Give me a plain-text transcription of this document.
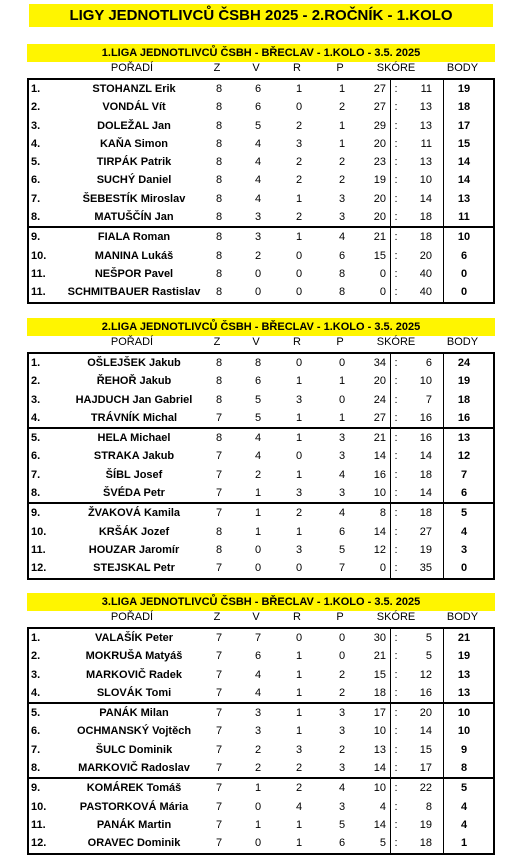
LIGY JEDNOTLIVCŮ ČSBH 2025 - 2.ROČNÍK - 1.KOLO
1.LIGA JEDNOTLIVCŮ ČSBH - BŘECLAV - 1.KOLO - 3.5. 2025
POŘADÍ	Z	V	R	P	SKÓRE	BODY
1.	STOHANZL Erik	8	6	1	1	27	11	19
:
2.	VONDÁL Vít	8	6	0	2	27	13	18
:
3.	DOLEŽAL Jan	8	5	2	1	29	13	17
:
4.	KAŇA Simon	8	4	3	1	20	11	15
:
5.	TIRPÁK Patrik	8	4	2	2	23	13	14
:
6.	SUCHÝ Daniel	8	4	2	2	19	10	14
:
7.	ŠEBESTÍK Miroslav	8	4	1	3	20	14	13
:
8.	MATUŠČÍN Jan	8	3	2	3	20	18	11
:
9.	FIALA Roman	8	3	1	4	21	18	10
:
10.	MANINA Lukáš	8	2	0	6	15	20	6
:
11.	NEŠPOR Pavel	8	0	0	8	0	40	0
:
11.	SCHMITBAUER Rastislav	8	0	0	8	0	40	0
:
2.LIGA JEDNOTLIVCŮ ČSBH - BŘECLAV - 1.KOLO - 3.5. 2025
POŘADÍ	Z	V	R	P	SKÓRE	BODY
1.	OŠLEJŠEK Jakub	8	8	0	0	34	6	24
:
2.	ŘEHOŘ Jakub	8	6	1	1	20	10	19
:
3.	HAJDUCH Jan Gabriel	8	5	3	0	24	7	18
:
4.	TRÁVNÍK Michal	7	5	1	1	27	16	16
:
5.	HELA Michael	8	4	1	3	21	16	13
:
6.	STRAKA Jakub	7	4	0	3	14	14	12
:
7.	ŠÍBL Josef	7	2	1	4	16	18	7
:
8.	ŠVÉDA Petr	7	1	3	3	10	14	6
:
9.	ŽVAKOVÁ Kamila	7	1	2	4	8	18	5
:
10.	KRŠÁK Jozef	8	1	1	6	14	27	4
:
11.	HOUZAR Jaromír	8	0	3	5	12	19	3
:
12.	STEJSKAL Petr	7	0	0	7	0	35	0
:
3.LIGA JEDNOTLIVCŮ ČSBH - BŘECLAV - 1.KOLO - 3.5. 2025
POŘADÍ	Z	V	R	P	SKÓRE	BODY
1.	VALAŠÍK Peter	7	7	0	0	30	5	21
:
2.	MOKRUŠA Matyáš	7	6	1	0	21	5	19
:
3.	MARKOVIČ Radek	7	4	1	2	15	12	13
:
4.	SLOVÁK Tomi	7	4	1	2	18	16	13
:
5.	PANÁK Milan	7	3	1	3	17	20	10
:
6.	OCHMANSKÝ Vojtěch	7	3	1	3	10	14	10
:
7.	ŠULC Dominik	7	2	3	2	13	15	9
:
8.	MARKOVIČ Radoslav	7	2	2	3	14	17	8
:
9.	KOMÁREK Tomáš	7	1	2	4	10	22	5
:
10.	PASTORKOVÁ Mária	7	0	4	3	4	8	4
:
11.	PANÁK Martin	7	1	1	5	14	19	4
:
12.	ORAVEC Dominik	7	0	1	6	5	18	1
:
